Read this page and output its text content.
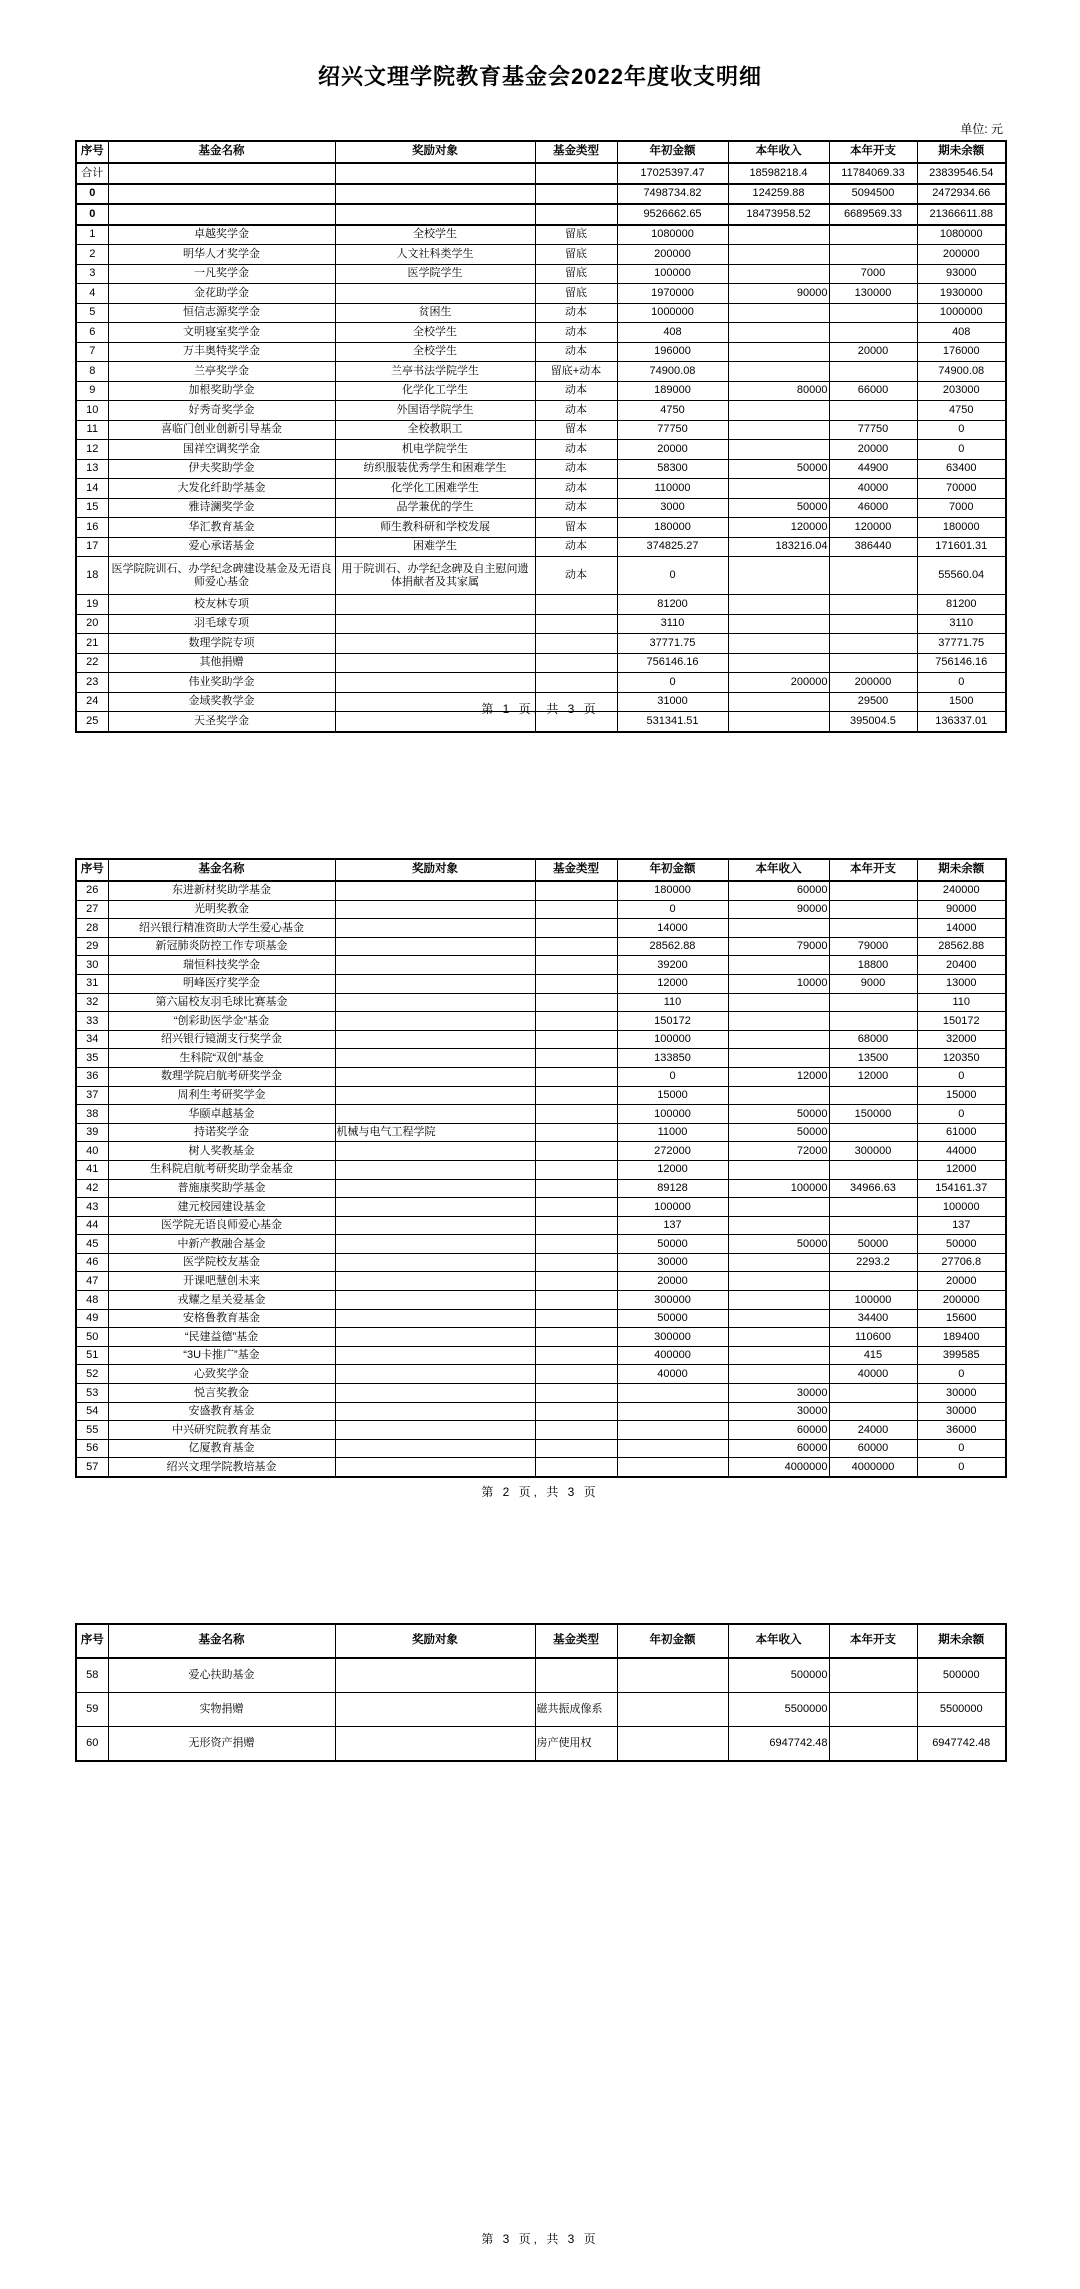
绍兴文理学院教育基金会2022年度收支明细
单位: 元
序号	基金名称	奖励对象	基金类型	年初金额	本年收入	本年开支	期未余额
合计				17025397.47	18598218.4	11784069.33	23839546.54
0				7498734.82	124259.88	5094500	2472934.66
0				9526662.65	18473958.52	6689569.33	21366611.88
1	卓越奖学金	全校学生	留底	1080000			1080000
2	明华人才奖学金	人文社科类学生	留底	200000			200000
3	一凡奖学金	医学院学生	留底	100000		7000	93000
4	金花助学金		留底	1970000	90000	130000	1930000
5	恒信志源奖学金	贫困生	动本	1000000			1000000
6	文明寝室奖学金	全校学生	动本	408			408
7	万丰奥特奖学金	全校学生	动本	196000		20000	176000
8	兰亭奖学金	兰亭书法学院学生	留底+动本	74900.08			74900.08
9	加根奖助学金	化学化工学生	动本	189000	80000	66000	203000
10	好秀奇奖学金	外国语学院学生	动本	4750			4750
11	喜临门创业创新引导基金	全校教职工	留本	77750		77750	0
12	国祥空调奖学金	机电学院学生	动本	20000		20000	0
13	伊夫奖助学金	纺织服装优秀学生和困难学生	动本	58300	50000	44900	63400
14	大发化纤助学基金	化学化工困难学生	动本	110000		40000	70000
15	雅诗澜奖学金	品学兼优的学生	动本	3000	50000	46000	7000
16	华汇教育基金	师生教科研和学校发展	留本	180000	120000	120000	180000
17	爱心承诺基金	困难学生	动本	374825.27	183216.04	386440	171601.31
18	医学院院训石、办学纪念碑建设基金及无语良师爱心基金	用于院训石、办学纪念碑及自主慰问遗体捐献者及其家属	动本	0			55560.04
19	校友林专项			81200			81200
20	羽毛球专项			3110			3110
21	数理学院专项			37771.75			37771.75
22	其他捐赠			756146.16			756146.16
23	伟业奖助学金			0	200000	200000	0
24	金域奖教学金			31000		29500	1500
25	天圣奖学金			531341.51		395004.5	136337.01
第 1 页, 共 3 页
序号	基金名称	奖励对象	基金类型	年初金额	本年收入	本年开支	期未余额
26	东进新材奖助学基金			180000	60000		240000
27	光明奖教金			0	90000		90000
28	绍兴银行精准资助大学生爱心基金			14000			14000
29	新冠肺炎防控工作专项基金			28562.88	79000	79000	28562.88
30	瑞恒科技奖学金			39200		18800	20400
31	明峰医疗奖学金			12000	10000	9000	13000
32	第六届校友羽毛球比赛基金			110			110
33	“创彩助医学金”基金			150172			150172
34	绍兴银行镜湖支行奖学金			100000		68000	32000
35	生科院“双创”基金			133850		13500	120350
36	数理学院启航考研奖学金			0	12000	12000	0
37	周利生考研奖学金			15000			15000
38	华颐卓越基金			100000	50000	150000	0
39	持诺奖学金	机械与电气工程学院		11000	50000		61000
40	树人奖教基金			272000	72000	300000	44000
41	生科院启航考研奖助学金基金			12000			12000
42	普施康奖助学基金			89128	100000	34966.63	154161.37
43	建元校园建设基金			100000			100000
44	医学院无语良师爱心基金			137			137
45	中新产教融合基金			50000	50000	50000	50000
46	医学院校友基金			30000		2293.2	27706.8
47	开课吧慧创未来			20000			20000
48	戎耀之星关爱基金			300000		100000	200000
49	安格鲁教育基金			50000		34400	15600
50	“民建益德”基金			300000		110600	189400
51	“3U卡推广”基金			400000		415	399585
52	心致奖学金			40000		40000	0
53	悦言奖教金				30000		30000
54	安盛教育基金				30000		30000
55	中兴研究院教育基金				60000	24000	36000
56	亿厦教育基金				60000	60000	0
57	绍兴文理学院教培基金				4000000	4000000	0
第 2 页, 共 3 页
序号	基金名称	奖励对象	基金类型	年初金额	本年收入	本年开支	期未余额
58	爱心扶助基金				500000		500000
59	实物捐赠		磁共振成像系		5500000		5500000
60	无形资产捐赠		房产使用权		6947742.48		6947742.48
第 3 页, 共 3 页
